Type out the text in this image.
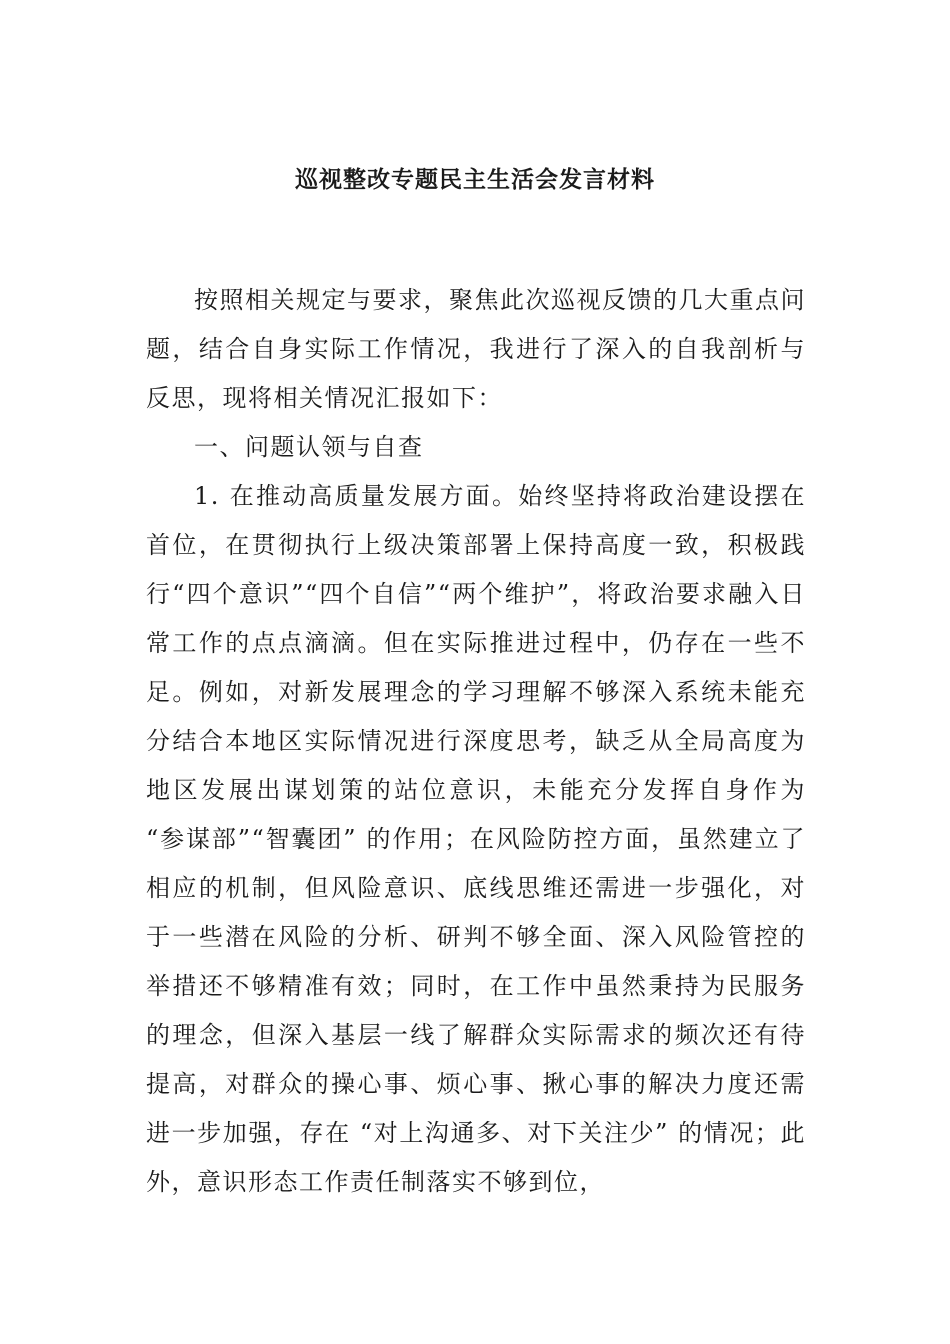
巡视整改专题民主生活会发言材料

按照相关规定与要求，聚焦此次巡视反馈的几大重点问题，结合自身实际工作情况，我进行了深入的自我剖析与反思，现将相关情况汇报如下：

一、问题认领与自查

1. 在推动高质量发展方面。始终坚持将政治建设摆在首位，在贯彻执行上级决策部署上保持高度一致，积极践行“四个意识”“四个自信”“两个维护”，将政治要求融入日常工作的点点滴滴。但在实际推进过程中，仍存在一些不足。例如，对新发展理念的学习理解不够深入系统未能充分结合本地区实际情况进行深度思考，缺乏从全局高度为地区发展出谋划策的站位意识，未能充分发挥自身作为 “参谋部”“智囊团” 的作用；在风险防控方面，虽然建立了相应的机制，但风险意识、底线思维还需进一步强化，对于一些潜在风险的分析、研判不够全面、深入风险管控的举措还不够精准有效；同时，在工作中虽然秉持为民服务的理念，但深入基层一线了解群众实际需求的频次还有待提高，对群众的操心事、烦心事、揪心事的解决力度还需进一步加强，存在 “对上沟通多、对下关注少” 的情况；此外，意识形态工作责任制落实不够到位，
